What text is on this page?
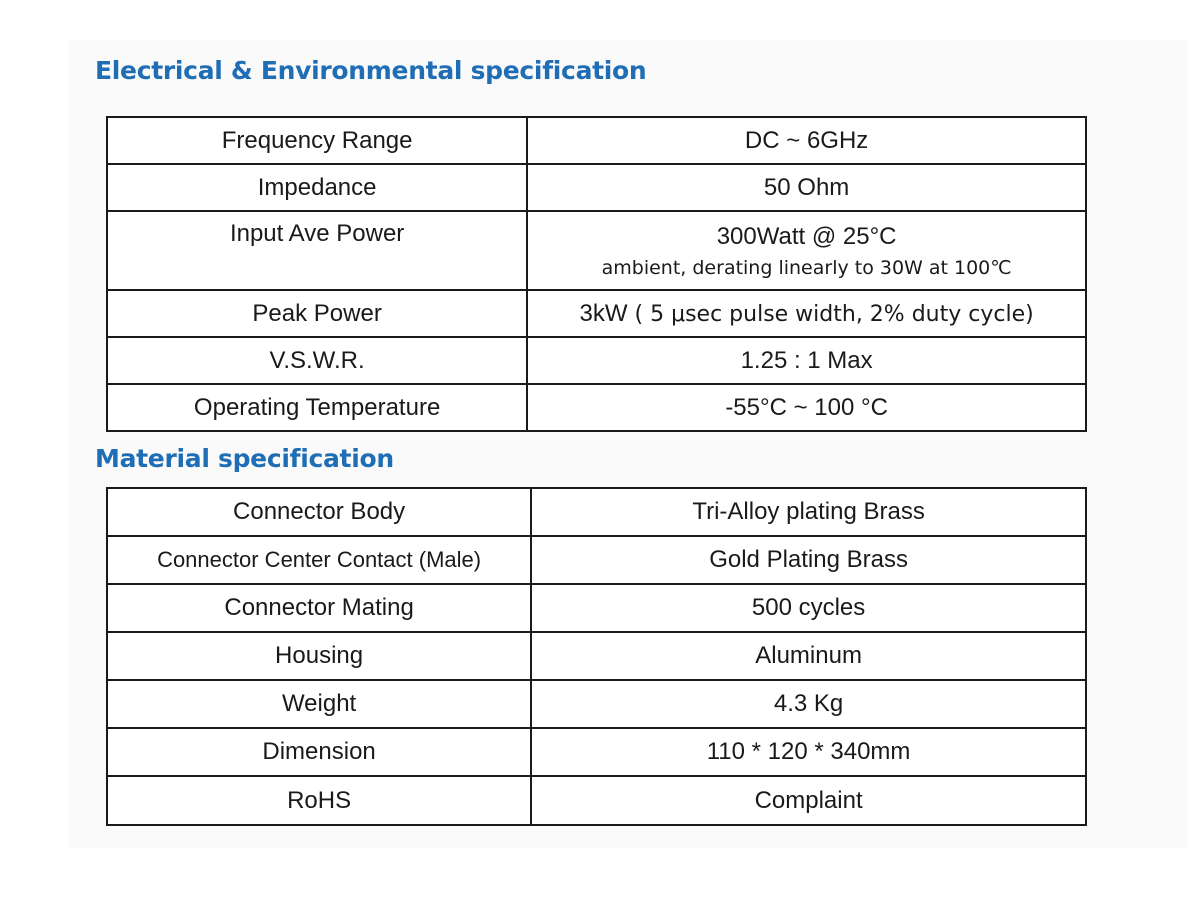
Electrical & Environmental specification
Frequency Range	DC ~ 6GHz
Impedance	50 Ohm
Input Ave Power	300Watt @ 25°C
ambient, derating linearly to 30W at 100℃

Peak Power	3kW ( 5 μsec pulse width, 2% duty cycle)
V.S.W.R.	1.25 : 1 Max
Operating Temperature	-55°C ~ 100 °C
Material specification
Connector Body	Tri-Alloy plating Brass
Connector Center Contact (Male)	Gold Plating Brass
Connector Mating	500 cycles
Housing	Aluminum
Weight	4.3 Kg
Dimension	110 * 120 * 340mm
RoHS	Complaint
